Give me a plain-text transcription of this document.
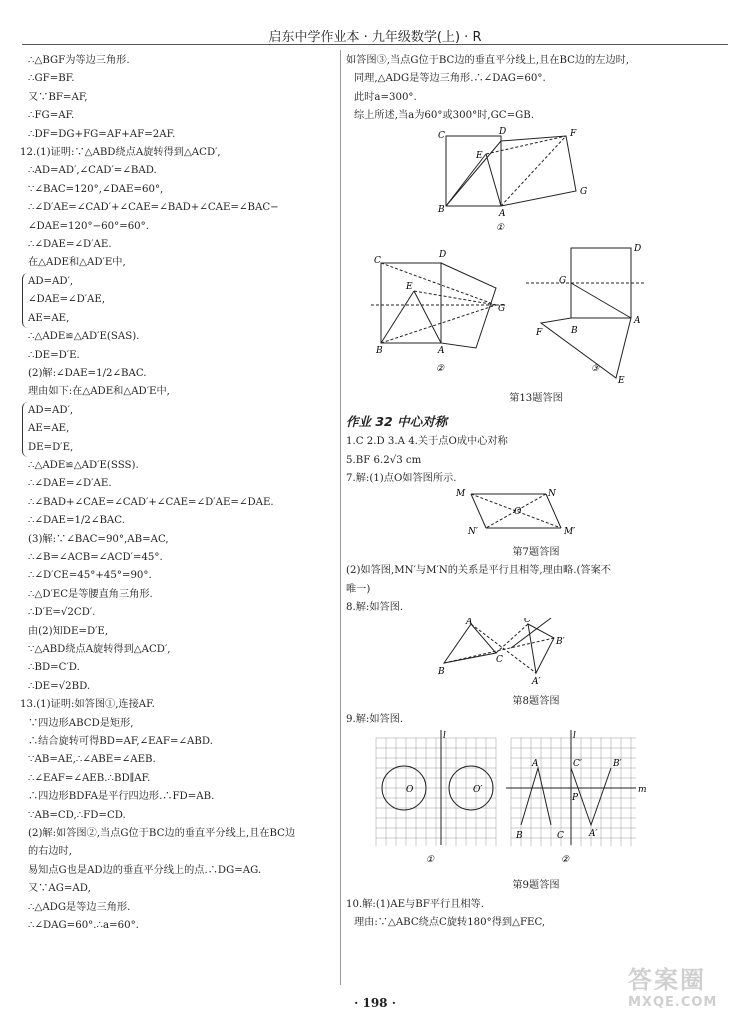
启东中学作业本 · 九年级数学(上) · R
∴△BGF为等边三角形.
∴GF=BF.
又∵BF=AF,
∴FG=AF.
∴DF=DG+FG=AF+AF=2AF.
12.(1)证明:∵△ABD绕点A旋转得到△ACD′,
∴AD=AD′,∠CAD′=∠BAD.
∵∠BAC=120°,∠DAE=60°,
∴∠D′AE=∠CAD′+∠CAE=∠BAD+∠CAE=∠BAC−
∠DAE=120°−60°=60°.
∴∠DAE=∠D′AE.
在△ADE和△AD′E中,
AD=AD′,
∠DAE=∠D′AE,
AE=AE,
∴△ADE≌△AD′E(SAS).
∴DE=D′E.
(2)解:∠DAE=1/2∠BAC.
理由如下:在△ADE和△AD′E中,
AD=AD′,
AE=AE,
DE=D′E,
∴△ADE≌△AD′E(SSS).
∴∠DAE=∠D′AE.
∴∠BAD+∠CAE=∠CAD′+∠CAE=∠D′AE=∠DAE.
∴∠DAE=1/2∠BAC.
(3)解:∵∠BAC=90°,AB=AC,
∴∠B=∠ACB=∠ACD′=45°.
∴∠D′CE=45°+45°=90°.
∴△D′EC是等腰直角三角形.
∴D′E=√2CD′.
由(2)知DE=D′E,
∵△ABD绕点A旋转得到△ACD′,
∴BD=C′D.
∴DE=√2BD.
13.(1)证明:如答图①,连接AF.
∵四边形ABCD是矩形,
∴结合旋转可得BD=AF,∠EAF=∠ABD.
∵AB=AE,∴∠ABE=∠AEB.
∴∠EAF=∠AEB.∴BD∥AF.
∴四边形BDFA是平行四边形.∴FD=AB.
∵AB=CD,∴FD=CD.
(2)解:如答图②,当点G位于BC边的垂直平分线上,且在BC边
的右边时,
易知点G也是AD边的垂直平分线上的点.∴DG=AG.
又∵AG=AD,
∴△ADG是等边三角形.
∴∠DAG=60°.∴a=60°.
如答图③,当点G位于BC边的垂直平分线上,且在BC边的左边时,
同理,△ADG是等边三角形.∴∠DAG=60°.
此时a=300°.
综上所述,当a为60°或300°时,GC=GB.
C	D	F
E
G
B	A
①

C
D
E
G
B	A
②
D
G
B
A
F
E
③
第13题答图
作业 32 中心对称
1.C 2.D 3.A 4.关于点O成中心对称
5.BF 6.2√3 cm
7.解:(1)点O如答图所示.
M	N
O
N′	M′
第7题答图
(2)如答图,MN′与M′N的关系是平行且相等,理由略.(答案不
唯一)
8.解:如答图.
A
B
C
C′
B′
A′
第8题答图
9.解:如答图.
l	l
m
O	O′
A	C′	B′
P
B	C	A′
①	②
第9题答图
10.解:(1)AE与BF平行且相等.
理由:∵△ABC绕点C旋转180°得到△FEC,
· 198 ·
答案圈
MXQE.COM
